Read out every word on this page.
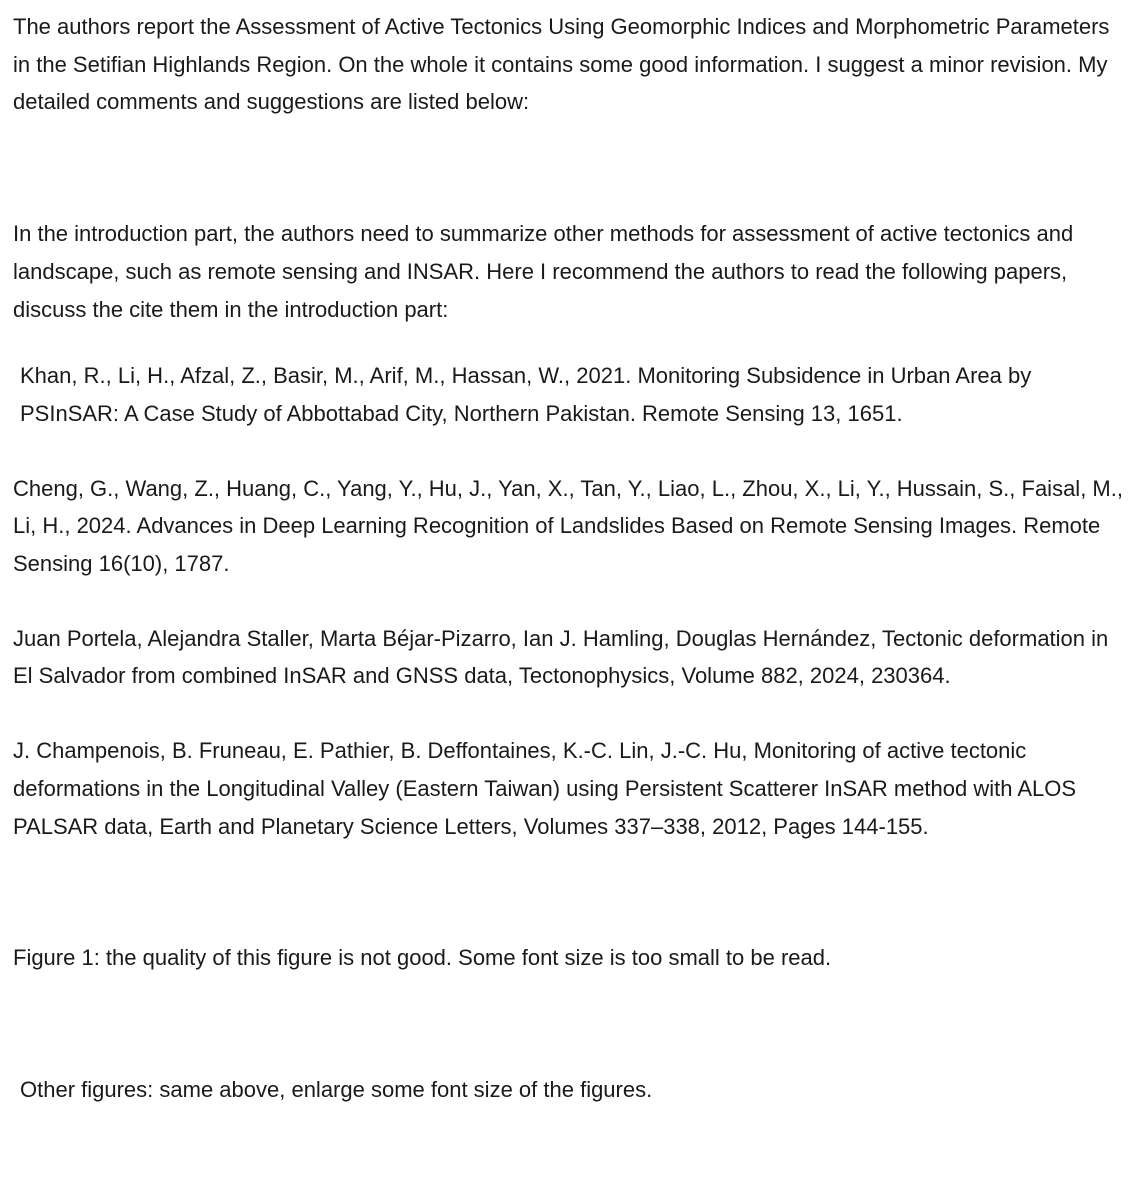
The authors report the Assessment of Active Tectonics Using Geomorphic Indices and Morphometric Parameters in the Setifian Highlands Region. On the whole it contains some good information. I suggest a minor revision. My detailed comments and suggestions are listed below:

In the introduction part, the authors need to summarize other methods for assessment of active tectonics and landscape, such as remote sensing and INSAR. Here I recommend the authors to read the following papers, discuss the cite them in the introduction part:

Khan, R., Li, H., Afzal, Z., Basir, M., Arif, M., Hassan, W., 2021. Monitoring Subsidence in Urban Area by PSInSAR: A Case Study of Abbottabad City, Northern Pakistan. Remote Sensing 13, 1651.

Cheng, G., Wang, Z., Huang, C., Yang, Y., Hu, J., Yan, X., Tan, Y., Liao, L., Zhou, X., Li, Y., Hussain, S., Faisal, M., Li, H., 2024. Advances in Deep Learning Recognition of Landslides Based on Remote Sensing Images. Remote Sensing 16(10), 1787.

Juan Portela, Alejandra Staller, Marta Béjar-Pizarro, Ian J. Hamling, Douglas Hernández, Tectonic deformation in El Salvador from combined InSAR and GNSS data, Tectonophysics, Volume 882, 2024, 230364.

J. Champenois, B. Fruneau, E. Pathier, B. Deffontaines, K.-C. Lin, J.-C. Hu, Monitoring of active tectonic deformations in the Longitudinal Valley (Eastern Taiwan) using Persistent Scatterer InSAR method with ALOS PALSAR data, Earth and Planetary Science Letters, Volumes 337–338, 2012, Pages 144-155.

Figure 1: the quality of this figure is not good. Some font size is too small to be read.

Other figures: same above, enlarge some font size of the figures.
